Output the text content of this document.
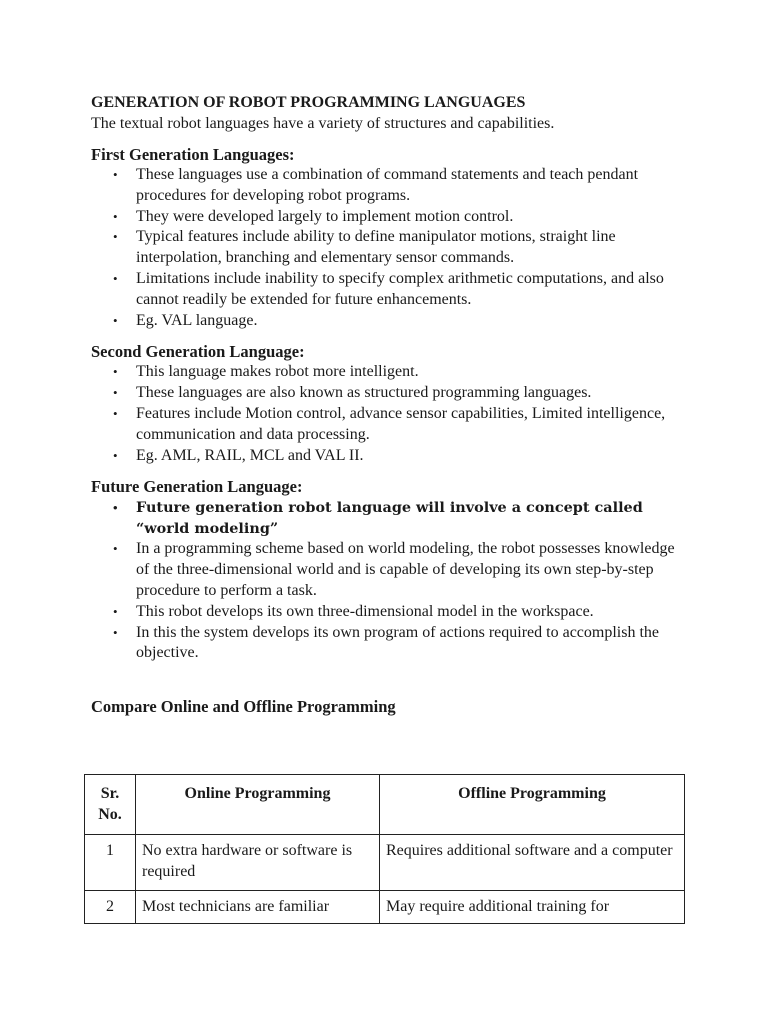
GENERATION OF ROBOT PROGRAMMING LANGUAGES

The textual robot languages have a variety of structures and capabilities.

First Generation Languages:
• These languages use a combination of command statements and teach pendant procedures for developing robot programs.
• They were developed largely to implement motion control.
• Typical features include ability to define manipulator motions, straight line interpolation, branching and elementary sensor commands.
• Limitations include inability to specify complex arithmetic computations, and also cannot readily be extended for future enhancements.
• Eg. VAL language.
Second Generation Language:
• This language makes robot more intelligent.
• These languages are also known as structured programming languages.
• Features include Motion control, advance sensor capabilities, Limited intelligence, communication and data processing.
• Eg. AML, RAIL, MCL and VAL II.
Future Generation Language:
• Future generation robot language will involve a concept called “world modeling”
• In a programming scheme based on world modeling, the robot possesses knowledge of the three-dimensional world and is capable of developing its own step-by-step procedure to perform a task.
• This robot develops its own three-dimensional model in the workspace.
• In this the system develops its own program of actions required to accomplish the objective.
Compare Online and Offline Programming
Sr. No.	Online Programming	Offline Programming
1	No extra hardware or software is required	Requires additional software and a computer
2	Most technicians are familiar	May require additional training for
